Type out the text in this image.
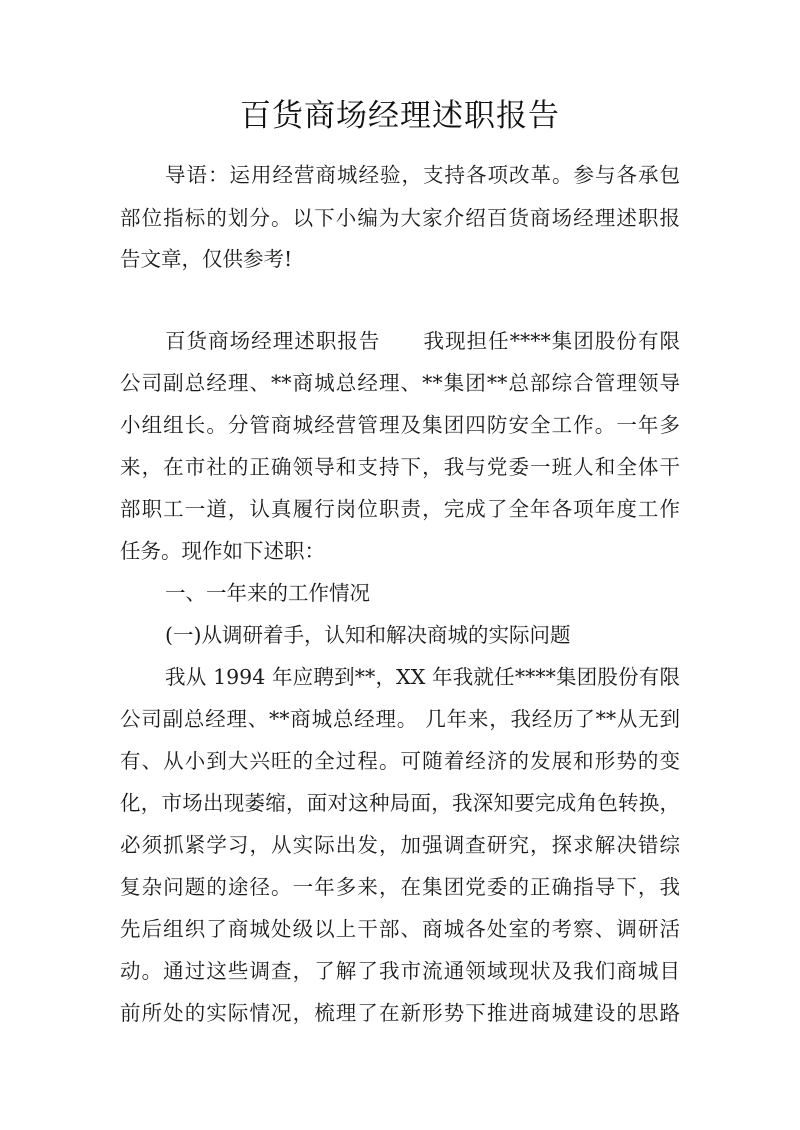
百货商场经理述职报告
导语：运用经营商城经验，支持各项改革。参与各承包
部位指标的划分。以下小编为大家介绍百货商场经理述职报
告文章，仅供参考!
百货商场经理述职报告　　我现担任****集团股份有限
公司副总经理、**商城总经理、**集团**总部综合管理领导
小组组长。分管商城经营管理及集团四防安全工作。一年多
来，在市社的正确领导和支持下，我与党委一班人和全体干
部职工一道，认真履行岗位职责，完成了全年各项年度工作
任务。现作如下述职：
一、一年来的工作情况
(一)从调研着手，认知和解决商城的实际问题
我从 1994 年应聘到**，XX 年我就任****集团股份有限
公司副总经理、**商城总经理。 几年来，我经历了**从无到
有、从小到大兴旺的全过程。可随着经济的发展和形势的变
化，市场出现萎缩，面对这种局面，我深知要完成角色转换，
必须抓紧学习，从实际出发，加强调查研究，探求解决错综
复杂问题的途径。一年多来，在集团党委的正确指导下，我
先后组织了商城处级以上干部、商城各处室的考察、调研活
动。通过这些调查，了解了我市流通领域现状及我们商城目
前所处的实际情况，梳理了在新形势下推进商城建设的思路
